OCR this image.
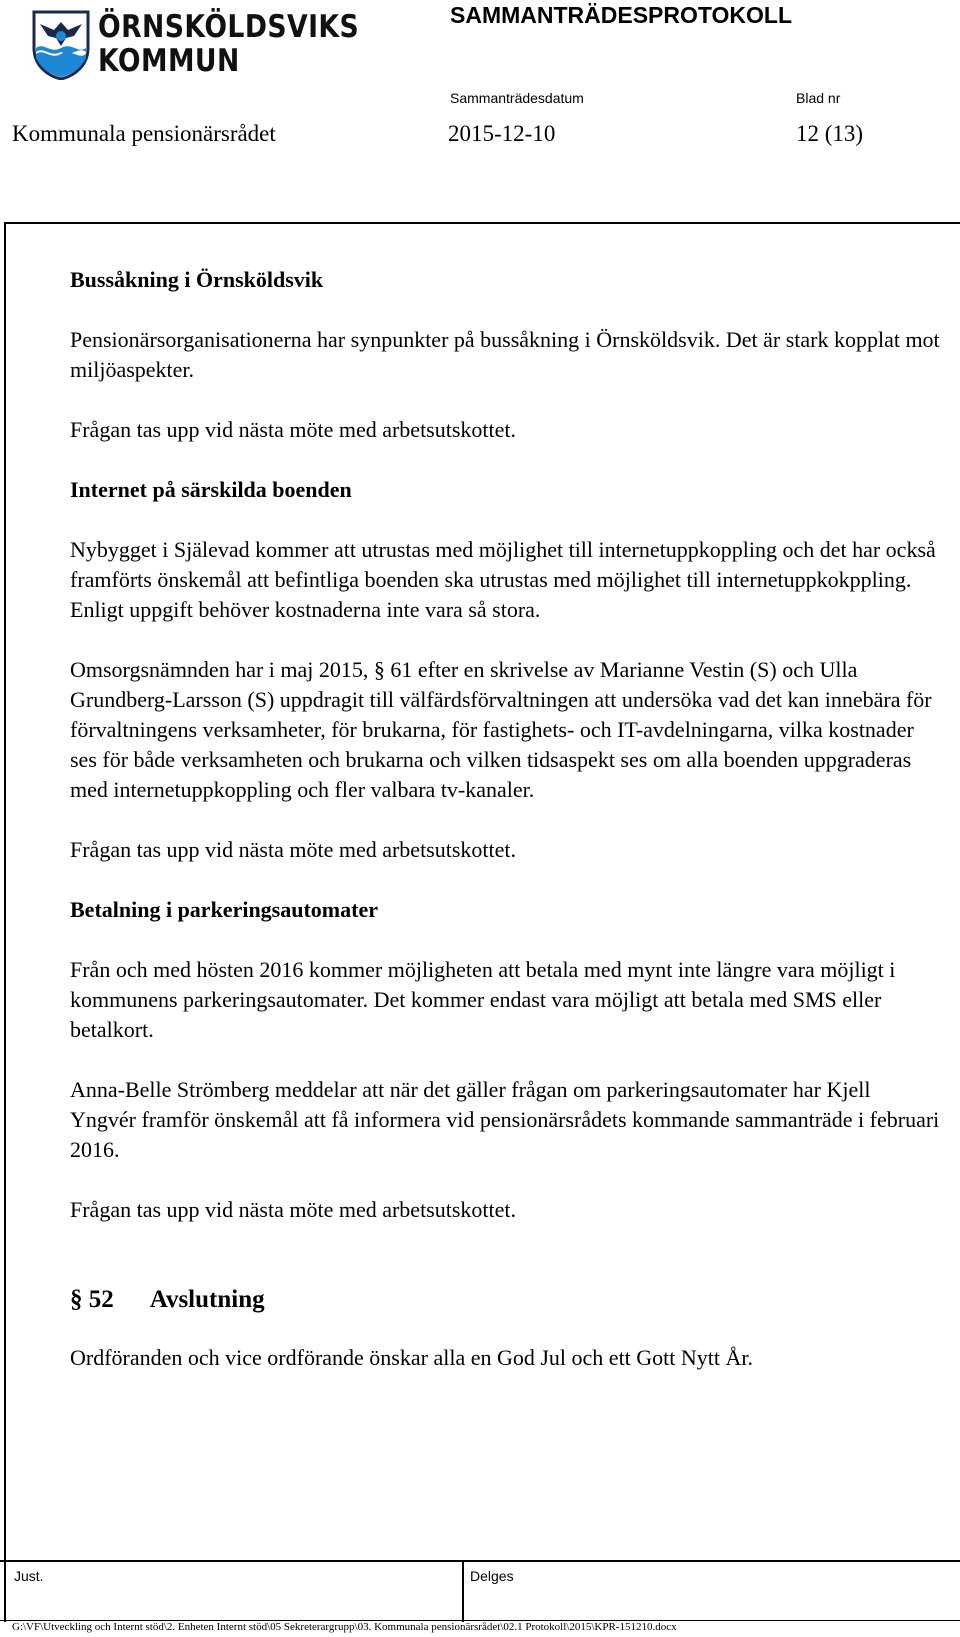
ÖRNSKÖLDSVIKS
KOMMUN
SAMMANTRÄDESPROTOKOLL
Sammanträdesdatum	Blad nr
Kommunala pensionärsrådet	2015-12-10	12 (13)

Bussåkning i Örnsköldsvik

Pensionärsorganisationerna har synpunkter på bussåkning i Örnsköldsvik. Det är stark kopplat mot miljöaspekter.

Frågan tas upp vid nästa möte med arbetsutskottet.

Internet på särskilda boenden

Nybygget i Själevad kommer att utrustas med möjlighet till internetuppkoppling och det har också framförts önskemål att befintliga boenden ska utrustas med möjlighet till internetuppkokppling. Enligt uppgift behöver kostnaderna inte vara så stora.

Omsorgsnämnden har i maj 2015, § 61 efter en skrivelse av Marianne Vestin (S) och Ulla Grundberg-Larsson (S) uppdragit till välfärdsförvaltningen att undersöka vad det kan innebära för förvaltningens verksamheter, för brukarna, för fastighets- och IT-avdelningarna, vilka kostnader ses för både verksamheten och brukarna och vilken tidsaspekt ses om alla boenden uppgraderas med internetuppkoppling och fler valbara tv-kanaler.

Frågan tas upp vid nästa möte med arbetsutskottet.

Betalning i parkeringsautomater

Från och med hösten 2016 kommer möjligheten att betala med mynt inte längre vara möjligt i kommunens parkeringsautomater. Det kommer endast vara möjligt att betala med SMS eller betalkort.

Anna-Belle Strömberg meddelar att när det gäller frågan om parkeringsautomater har Kjell Yngvér framför önskemål att få informera vid pensionärsrådets kommande sammanträde i februari 2016.

Frågan tas upp vid nästa möte med arbetsutskottet.

§ 52 Avslutning

Ordföranden och vice ordförande önskar alla en God Jul och ett Gott Nytt År.

Just.	Delges
G:\VF\Utveckling och Internt stöd\2. Enheten Internt stöd\05 Sekreterargrupp\03. Kommunala pensionärsrådet\02.1 Protokoll\2015\KPR-151210.docx
